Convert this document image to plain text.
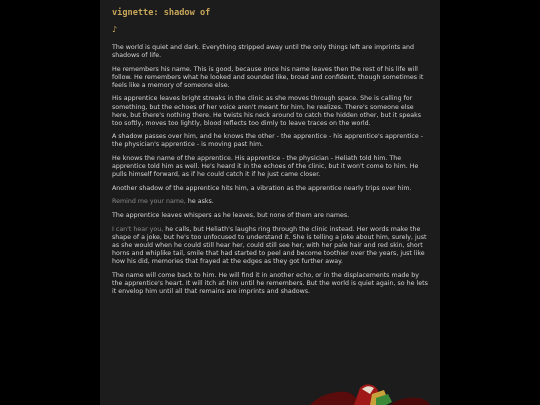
vignette: shadow of
♪

The world is quiet and dark. Everything stripped away until the only things left are imprints and shadows of life.

He remembers his name. This is good, because once his name leaves then the rest of his life will follow. He remembers what he looked and sounded like, broad and confident, though sometimes it feels like a memory of someone else.

His apprentice leaves bright streaks in the clinic as she moves through space. She is calling for something, but the echoes of her voice aren't meant for him, he realizes. There's someone else here, but there's nothing there. He twists his neck around to catch the hidden other, but it speaks too softly, moves too lightly, blood reflects too dimly to leave traces on the world.

A shadow passes over him, and he knows the other - the apprentice - his apprentice's apprentice - the physician's apprentice - is moving past him.

He knows the name of the apprentice. His apprentice - the physician - Heliath told him. The apprentice told him as well. He's heard it in the echoes of the clinic, but it won't come to him. He pulls himself forward, as if he could catch it if he just came closer.

Another shadow of the apprentice hits him, a vibration as the apprentice nearly trips over him.

Remind me your name, he asks.

The apprentice leaves whispers as he leaves, but none of them are names.

I can't hear you, he calls, but Heliath's laughs ring through the clinic instead. Her words make the shape of a joke, but he's too unfocused to understand it. She is telling a joke about him, surely, just as she would when he could still hear her, could still see her, with her pale hair and red skin, short horns and whiplike tail, smile that had started to peel and become toothier over the years, just like how his did, memories that frayed at the edges as they got further away.

The name will come back to him. He will find it in another echo, or in the displacements made by the apprentice's heart. It will itch at him until he remembers. But the world is quiet again, so he lets it envelop him until all that remains are imprints and shadows.
